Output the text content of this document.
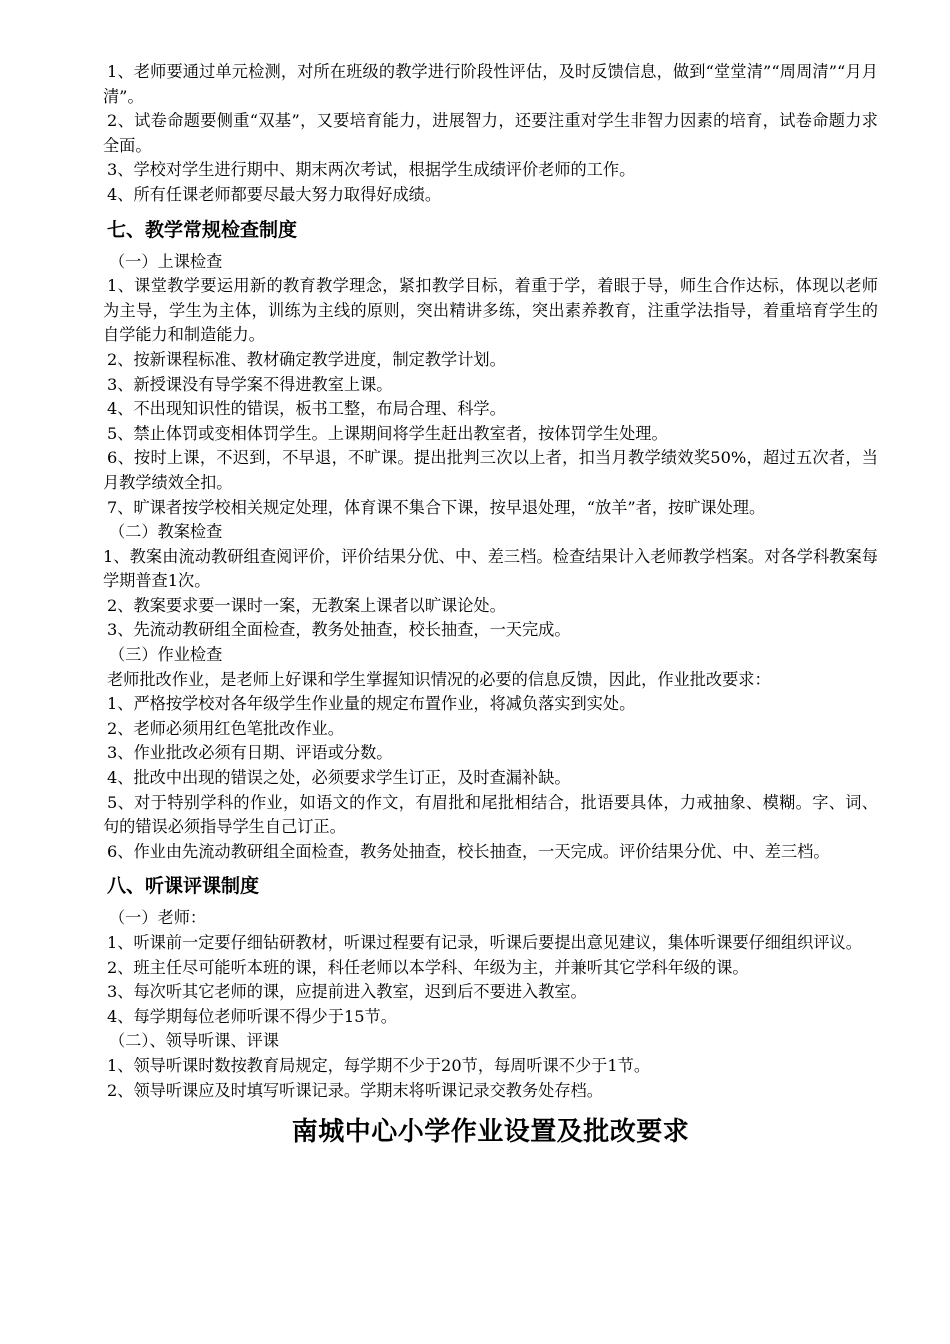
1、老师要通过单元检测，对所在班级的教学进行阶段性评估，及时反馈信息，做到“堂堂清”“周周清”“月月清”。

2、试卷命题要侧重“双基”，又要培育能力，进展智力，还要注重对学生非智力因素的培育，试卷命题力求全面。

3、学校对学生进行期中、期末两次考试，根据学生成绩评价老师的工作。

4、所有任课老师都要尽最大努力取得好成绩。

七、教学常规检查制度

（一）上课检查

1、课堂教学要运用新的教育教学理念，紧扣教学目标，着重于学，着眼于导，师生合作达标，体现以老师为主导，学生为主体，训练为主线的原则，突出精讲多练，突出素养教育，注重学法指导，着重培育学生的自学能力和制造能力。

2、按新课程标准、教材确定教学进度，制定教学计划。

3、新授课没有导学案不得进教室上课。

4、不出现知识性的错误，板书工整，布局合理、科学。

5、禁止体罚或变相体罚学生。上课期间将学生赶出教室者，按体罚学生处理。

6、按时上课，不迟到，不早退，不旷课。提出批判三次以上者，扣当月教学绩效奖50%，超过五次者，当月教学绩效全扣。

7、旷课者按学校相关规定处理，体育课不集合下课，按早退处理，“放羊”者，按旷课处理。

（二）教案检查

1、教案由流动教研组查阅评价，评价结果分优、中、差三档。检查结果计入老师教学档案。对各学科教案每学期普查1次。

2、教案要求要一课时一案，无教案上课者以旷课论处。

3、先流动教研组全面检查，教务处抽查，校长抽查，一天完成。

（三）作业检查

老师批改作业，是老师上好课和学生掌握知识情况的必要的信息反馈，因此，作业批改要求：

1、严格按学校对各年级学生作业量的规定布置作业，将减负落实到实处。

2、老师必须用红色笔批改作业。

3、作业批改必须有日期、评语或分数。

4、批改中出现的错误之处，必须要求学生订正，及时查漏补缺。

5、对于特别学科的作业，如语文的作文，有眉批和尾批相结合，批语要具体，力戒抽象、模糊。字、词、句的错误必须指导学生自己订正。

6、作业由先流动教研组全面检查，教务处抽查，校长抽查，一天完成。评价结果分优、中、差三档。

八、听课评课制度

（一）老师：

1、听课前一定要仔细钻研教材，听课过程要有记录，听课后要提出意见建议，集体听课要仔细组织评议。

2、班主任尽可能听本班的课，科任老师以本学科、年级为主，并兼听其它学科年级的课。

3、每次听其它老师的课，应提前进入教室，迟到后不要进入教室。

4、每学期每位老师听课不得少于15节。

（二）、领导听课、评课

1、领导听课时数按教育局规定，每学期不少于20节，每周听课不少于1节。

2、领导听课应及时填写听课记录。学期末将听课记录交教务处存档。

南城中心小学作业设置及批改要求
